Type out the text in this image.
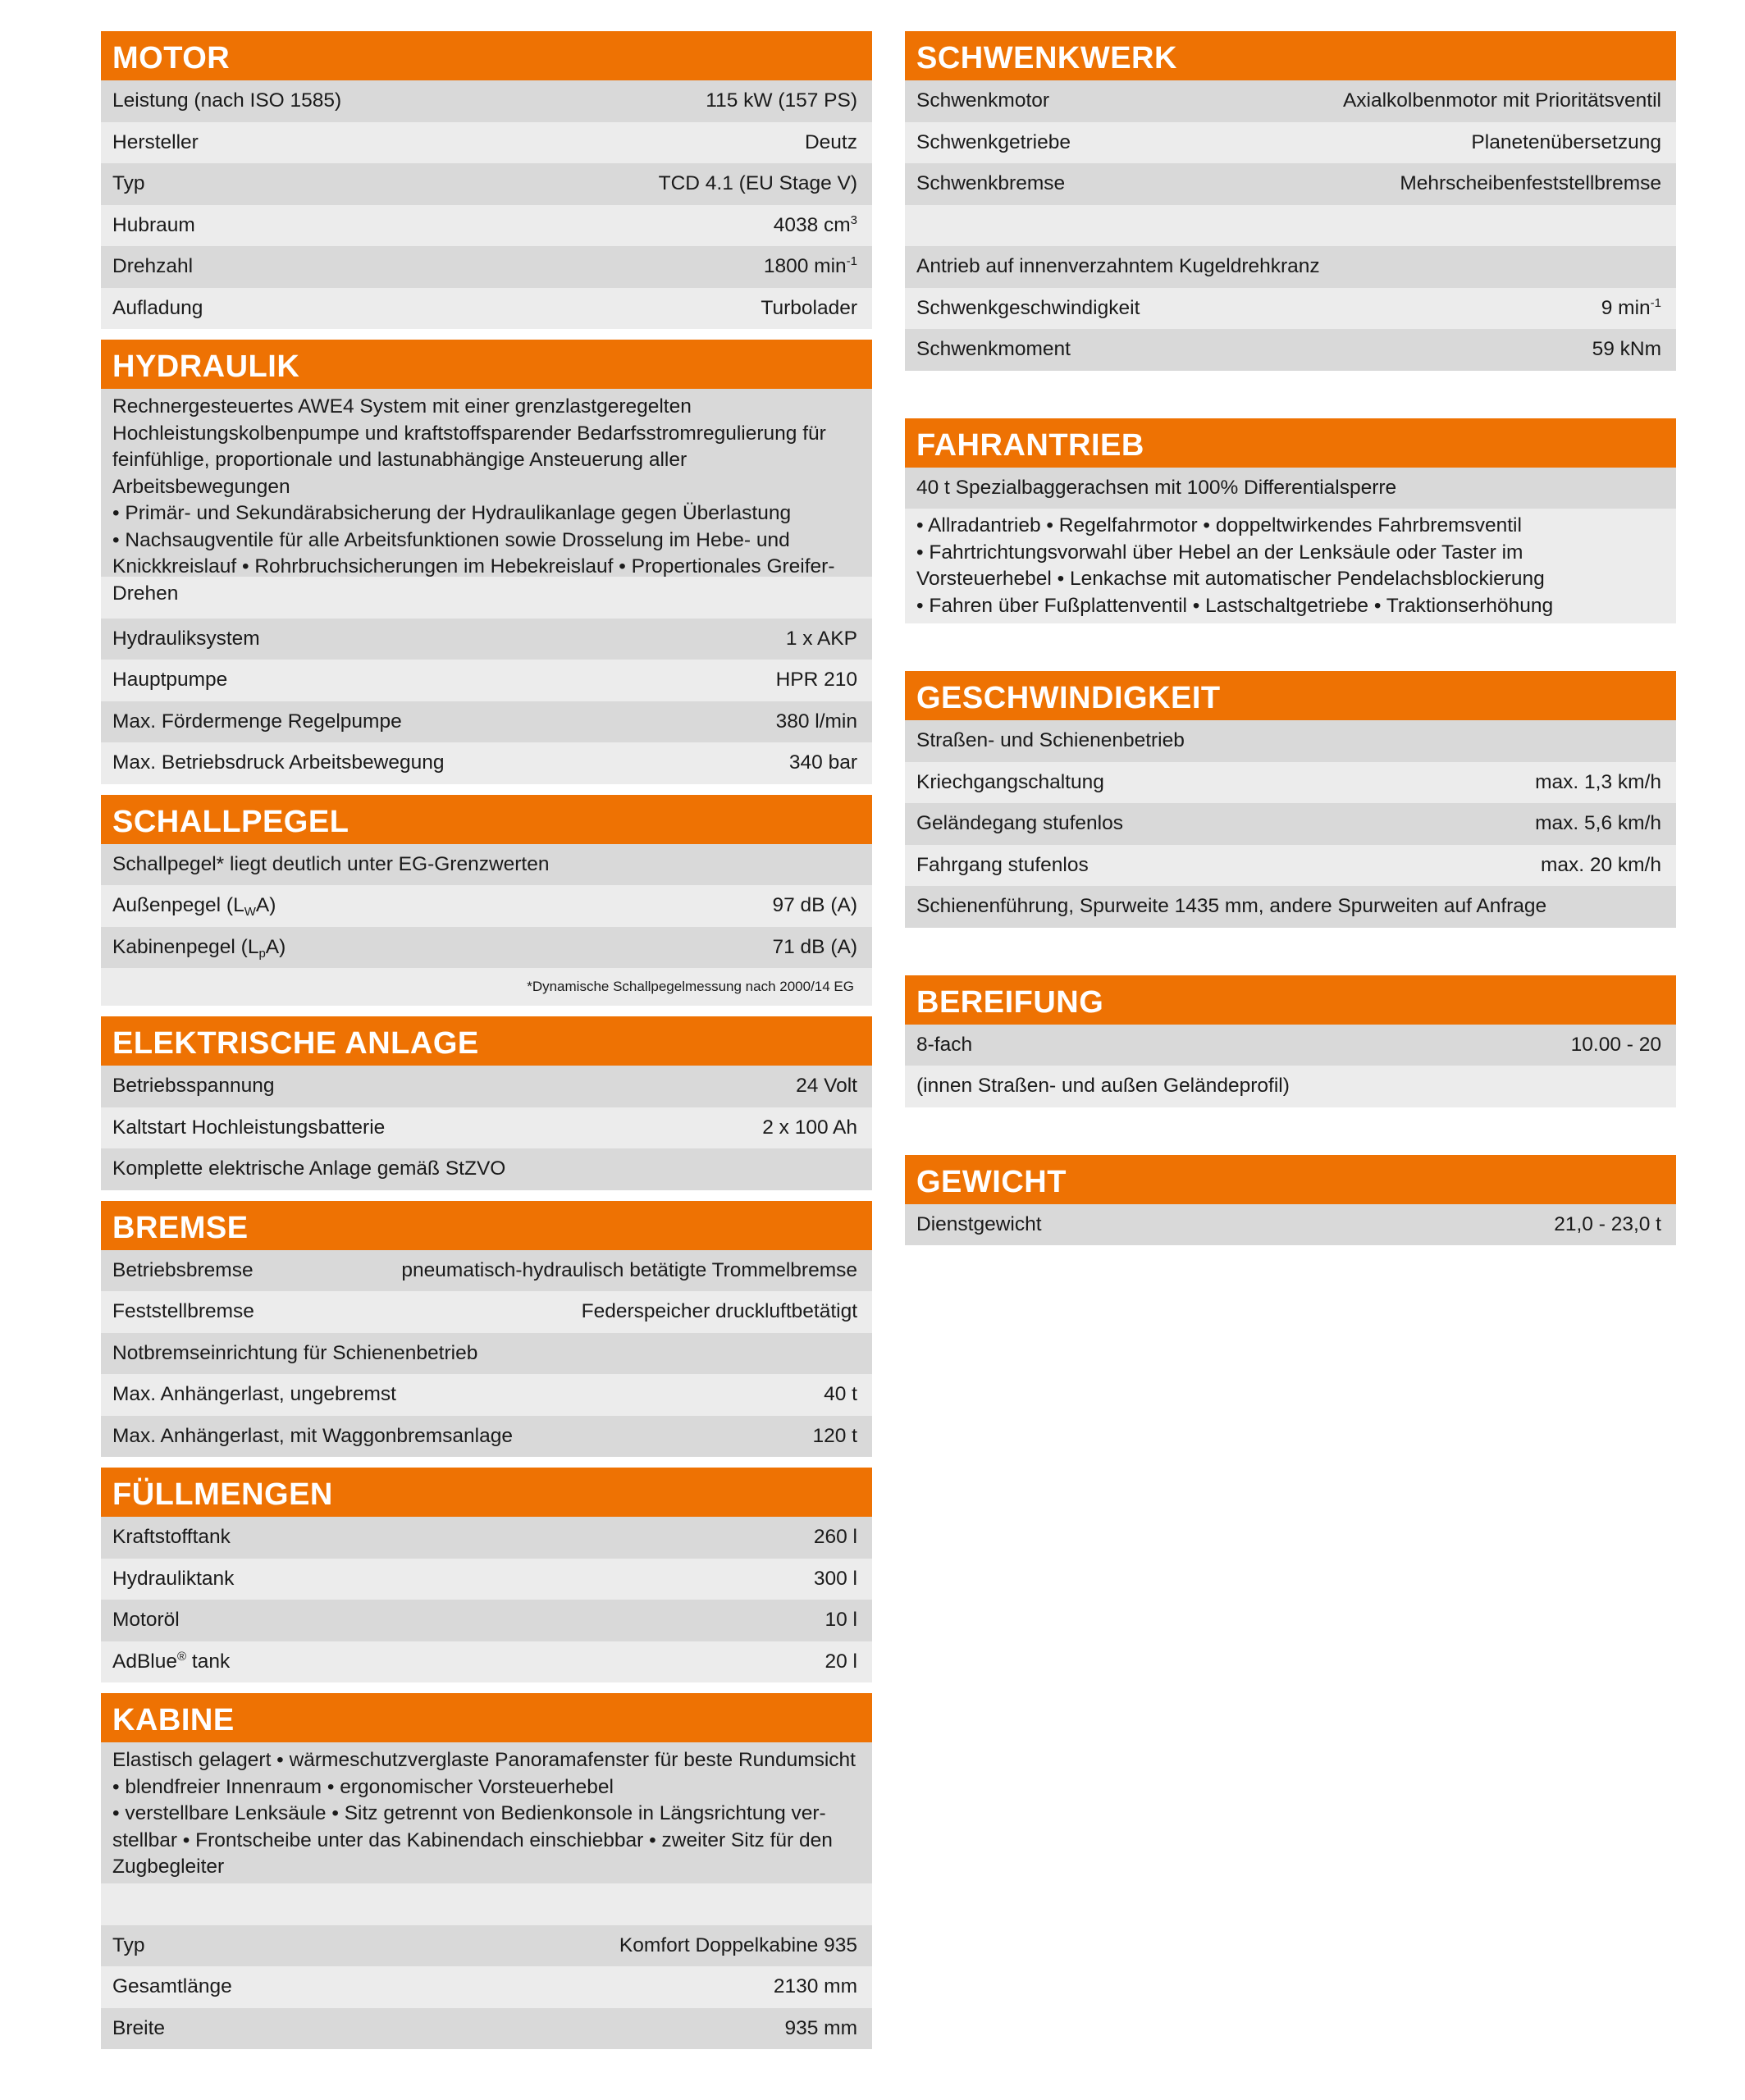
MOTOR
Leistung (nach ISO 1585)	115 kW (157 PS)
Hersteller	Deutz
Typ	TCD 4.1 (EU Stage V)
Hubraum	4038 $cm^3$
Drehzahl	1800 $\min^{-1}$
Aufladung	Turbolader
HYDRAULIK
Rechnergesteuertes AWE4 System mit einer grenzlastgeregelten
Hochleistungskolbenpumpe und kraftstoffsparender Bedarfsstromregulierung für
feinfühlige, proportionale und lastunabhängige Ansteuerung aller Arbeitsbewegungen
• Primär- und Sekundärabsicherung der Hydraulikanlage gegen Überlastung
• Nachsaugventile für alle Arbeitsfunktionen sowie Drosselung im Hebe- und
Knickkreislauf • Rohrbruchsicherungen im Hebekreislauf • Propertionales Greifer-
Drehen
Hydrauliksystem	1 x AKP
Hauptpumpe	HPR 210
Max. Fördermenge Regelpumpe	380 l/min
Max. Betriebsdruck Arbeitsbewegung	340 bar
SCHALLPEGEL
Schallpegel* liegt deutlich unter EG-Grenzwerten
Außenpegel $(L_WA)$	97 dB (A)
Kabinenpegel $(L_pA)$	71 dB (A)
*Dynamische Schallpegelmessung nach 2000/14 EG
ELEKTRISCHE ANLAGE
Betriebsspannung	24 Volt
Kaltstart Hochleistungsbatterie	2 x 100 Ah
Komplette elektrische Anlage gemäß StZVO
BREMSE
Betriebsbremse	pneumatisch-hydraulisch betätigte Trommelbremse
Feststellbremse	Federspeicher druckluftbetätigt
Notbremseinrichtung für Schienenbetrieb
Max. Anhängerlast, ungebremst	40 t
Max. Anhängerlast, mit Waggonbremsanlage	120 t
FÜLLMENGEN
Kraftstofftank	260 l
Hydrauliktank	300 l
Motoröl	10 l
AdBlue® tank	20 l
KABINE
Elastisch gelagert • wärmeschutzverglaste Panoramafenster für beste Rundumsicht
• blendfreier Innenraum • ergonomischer Vorsteuerhebel
• verstellbare Lenksäule • Sitz getrennt von Bedienkonsole in Längsrichtung ver-
stellbar • Frontscheibe unter das Kabinendach einschiebbar • zweiter Sitz für den
Zugbegleiter
Typ	Komfort Doppelkabine 935
Gesamtlänge	2130 mm
Breite	935 mm
SCHWENKWERK
Schwenkmotor	Axialkolbenmotor mit Prioritätsventil
Schwenkgetriebe	Planetenübersetzung
Schwenkbremse	Mehrscheibenfeststellbremse
Antrieb auf innenverzahntem Kugeldrehkranz
Schwenkgeschwindigkeit	9 $\min^{-1}$
Schwenkmoment	59 kNm
FAHRANTRIEB
40 t Spezialbaggerachsen mit 100% Differentialsperre
• Allradantrieb • Regelfahrmotor • doppeltwirkendes Fahrbremsventil
• Fahrtrichtungsvorwahl über Hebel an der Lenksäule oder Taster im
Vorsteuerhebel • Lenkachse mit automatischer Pendelachsblockierung
• Fahren über Fußplattenventil • Lastschaltgetriebe • Traktionserhöhung
GESCHWINDIGKEIT
Straßen- und Schienenbetrieb
Kriechgangschaltung	max. 1,3 km/h
Geländegang stufenlos	max. 5,6 km/h
Fahrgang stufenlos	max. 20 km/h
Schienenführung, Spurweite 1435 mm, andere Spurweiten auf Anfrage
BEREIFUNG
8-fach	10.00 - 20
(innen Straßen- und außen Geländeprofil)
GEWICHT
Dienstgewicht	21,0 - 23,0 t
